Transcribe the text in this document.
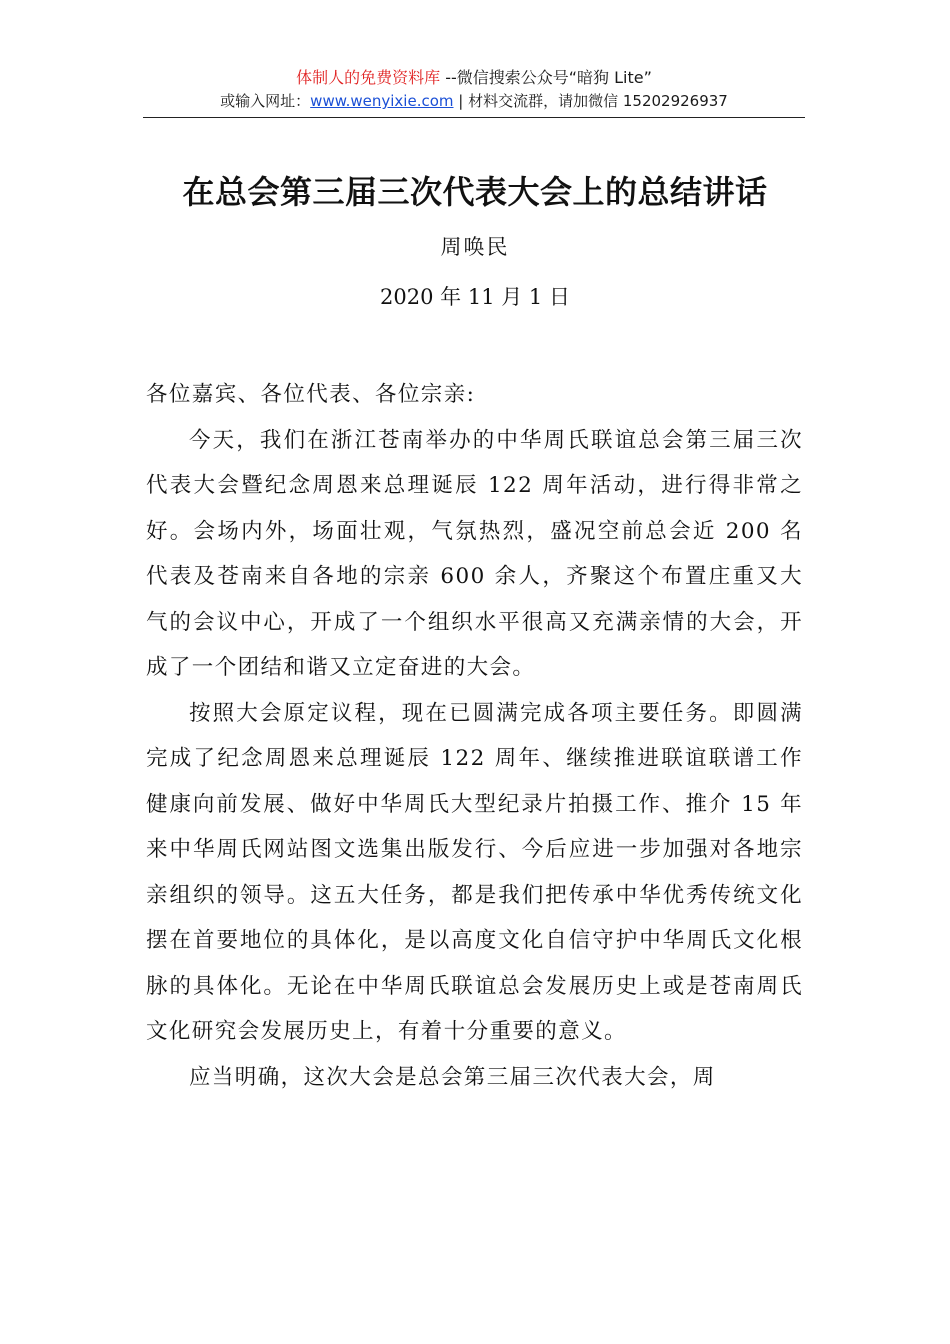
体制人的免费资料库 --微信搜索公众号“暗狗 Lite”
或输入网址：www.wenyixie.com | 材料交流群，请加微信 15202926937
在总会第三届三次代表大会上的总结讲话
周唤民
2020 年 11 月 1 日

各位嘉宾、各位代表、各位宗亲:

今天，我们在浙江苍南举办的中华周氏联谊总会第三届三次代表大会暨纪念周恩来总理诞辰 122 周年活动，进行得非常之好。会场内外，场面壮观，气氛热烈，盛况空前总会近 200 名代表及苍南来自各地的宗亲 600 余人，齐聚这个布置庄重又大气的会议中心，开成了一个组织水平很高又充满亲情的大会，开成了一个团结和谐又立定奋进的大会。

按照大会原定议程，现在已圆满完成各项主要任务。即圆满完成了纪念周恩来总理诞辰 122 周年、继续推进联谊联谱工作健康向前发展、做好中华周氏大型纪录片拍摄工作、推介 15 年来中华周氏网站图文选集出版发行、今后应进一步加强对各地宗亲组织的领导。这五大任务，都是我们把传承中华优秀传统文化摆在首要地位的具体化，是以高度文化自信守护中华周氏文化根脉的具体化。无论在中华周氏联谊总会发展历史上或是苍南周氏文化研究会发展历史上，有着十分重要的意义。

应当明确，这次大会是总会第三届三次代表大会，周
